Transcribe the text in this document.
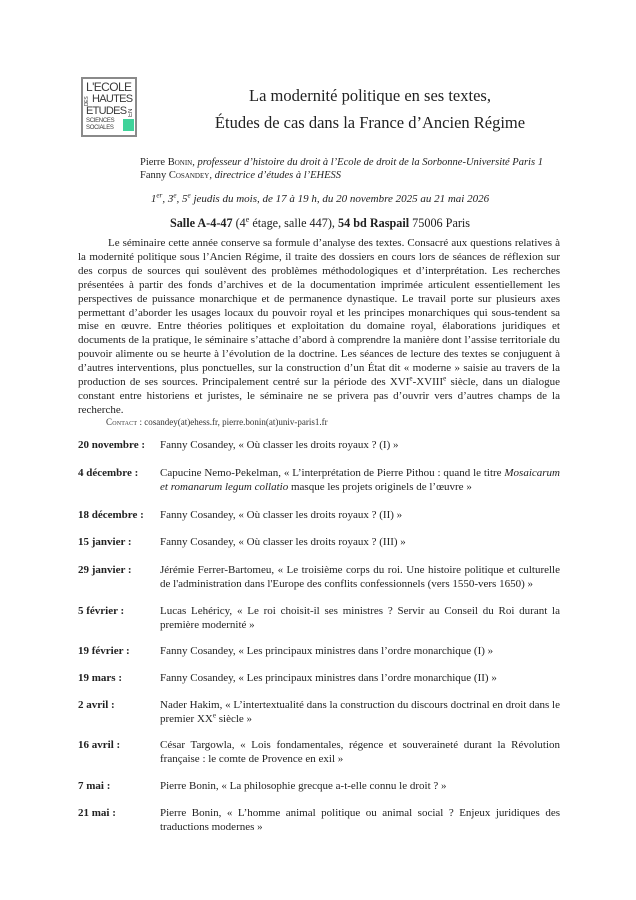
L'ECOLE
DES HAUTES
ETUDES EN
SCIENCES
SOCIALES
La modernité politique en ses textes,
Études de cas dans la France d’Ancien Régime
Pierre Bonin, professeur d’histoire du droit à l’Ecole de droit de la Sorbonne-Université Paris 1
Fanny Cosandey, directrice d’études à l’EHESS
1er, 3e, 5e jeudis du mois, de 17 à 19 h, du 20 novembre 2025 au 21 mai 2026
Salle A-4-47 (4e étage, salle 447), 54 bd Raspail 75006 Paris

Le séminaire cette année conserve sa formule d’analyse des textes. Consacré aux questions relatives à la modernité politique sous l’Ancien Régime, il traite des dossiers en cours lors de séances de réflexion sur des corpus de sources qui soulèvent des problèmes méthodologiques et d’interprétation. Les recherches présentées à partir des fonds d’archives et de la documentation imprimée articulent essentiellement les perspectives de puissance monarchique et de permanence dynastique. Le travail porte sur plusieurs axes permettant d’aborder les usages locaux du pouvoir royal et les principes monarchiques qui sous-tendent sa mise en œuvre. Entre théories politiques et exploitation du domaine royal, élaborations juridiques et documents de la pratique, le séminaire s’attache d’abord à comprendre la manière dont l’assise territoriale du pouvoir alimente ou se heurte à l’évolution de la doctrine. Les séances de lecture des textes se conjuguent à d’autres interventions, plus ponctuelles, sur la construction d’un État dit « moderne » saisie au travers de la production de ses sources. Principalement centré sur la période des XVIe-XVIIIe siècle, dans un dialogue constant entre historiens et juristes, le séminaire ne se privera pas d’ouvrir vers d’autres champs de la recherche.

Contact : cosandey(at)ehess.fr, pierre.bonin(at)univ-paris1.fr
20 novembre : Fanny Cosandey, « Où classer les droits royaux ? (I) »
4 décembre : Capucine Nemo-Pekelman, « L’interprétation de Pierre Pithou : quand le titre Mosaicarum et romanarum legum collatio masque les projets originels de l’œuvre »
18 décembre : Fanny Cosandey, « Où classer les droits royaux ? (II) »
15 janvier :	Fanny Cosandey, « Où classer les droits royaux ? (III) »
29 janvier :	Jérémie Ferrer-Bartomeu, « Le troisième corps du roi. Une histoire politique et culturelle de l'administration dans l'Europe des conflits confessionnels (vers 1550-vers 1650) »
5 février :	Lucas Lehéricy, « Le roi choisit-il ses ministres ? Servir au Conseil du Roi durant la première modernité »
19 février :	Fanny Cosandey, « Les principaux ministres dans l’ordre monarchique (I) »
19 mars :	Fanny Cosandey, « Les principaux ministres dans l’ordre monarchique (II) »
2 avril :	Nader Hakim, « L’intertextualité dans la construction du discours doctrinal en droit dans le premier XXe siècle »
16 avril :	César Targowla, « Lois fondamentales, régence et souveraineté durant la Révolution française : le comte de Provence en exil »
7 mai :	Pierre Bonin, « La philosophie grecque a-t-elle connu le droit ? »
21 mai :	Pierre Bonin, « L’homme animal politique ou animal social ? Enjeux juridiques des traductions modernes »
